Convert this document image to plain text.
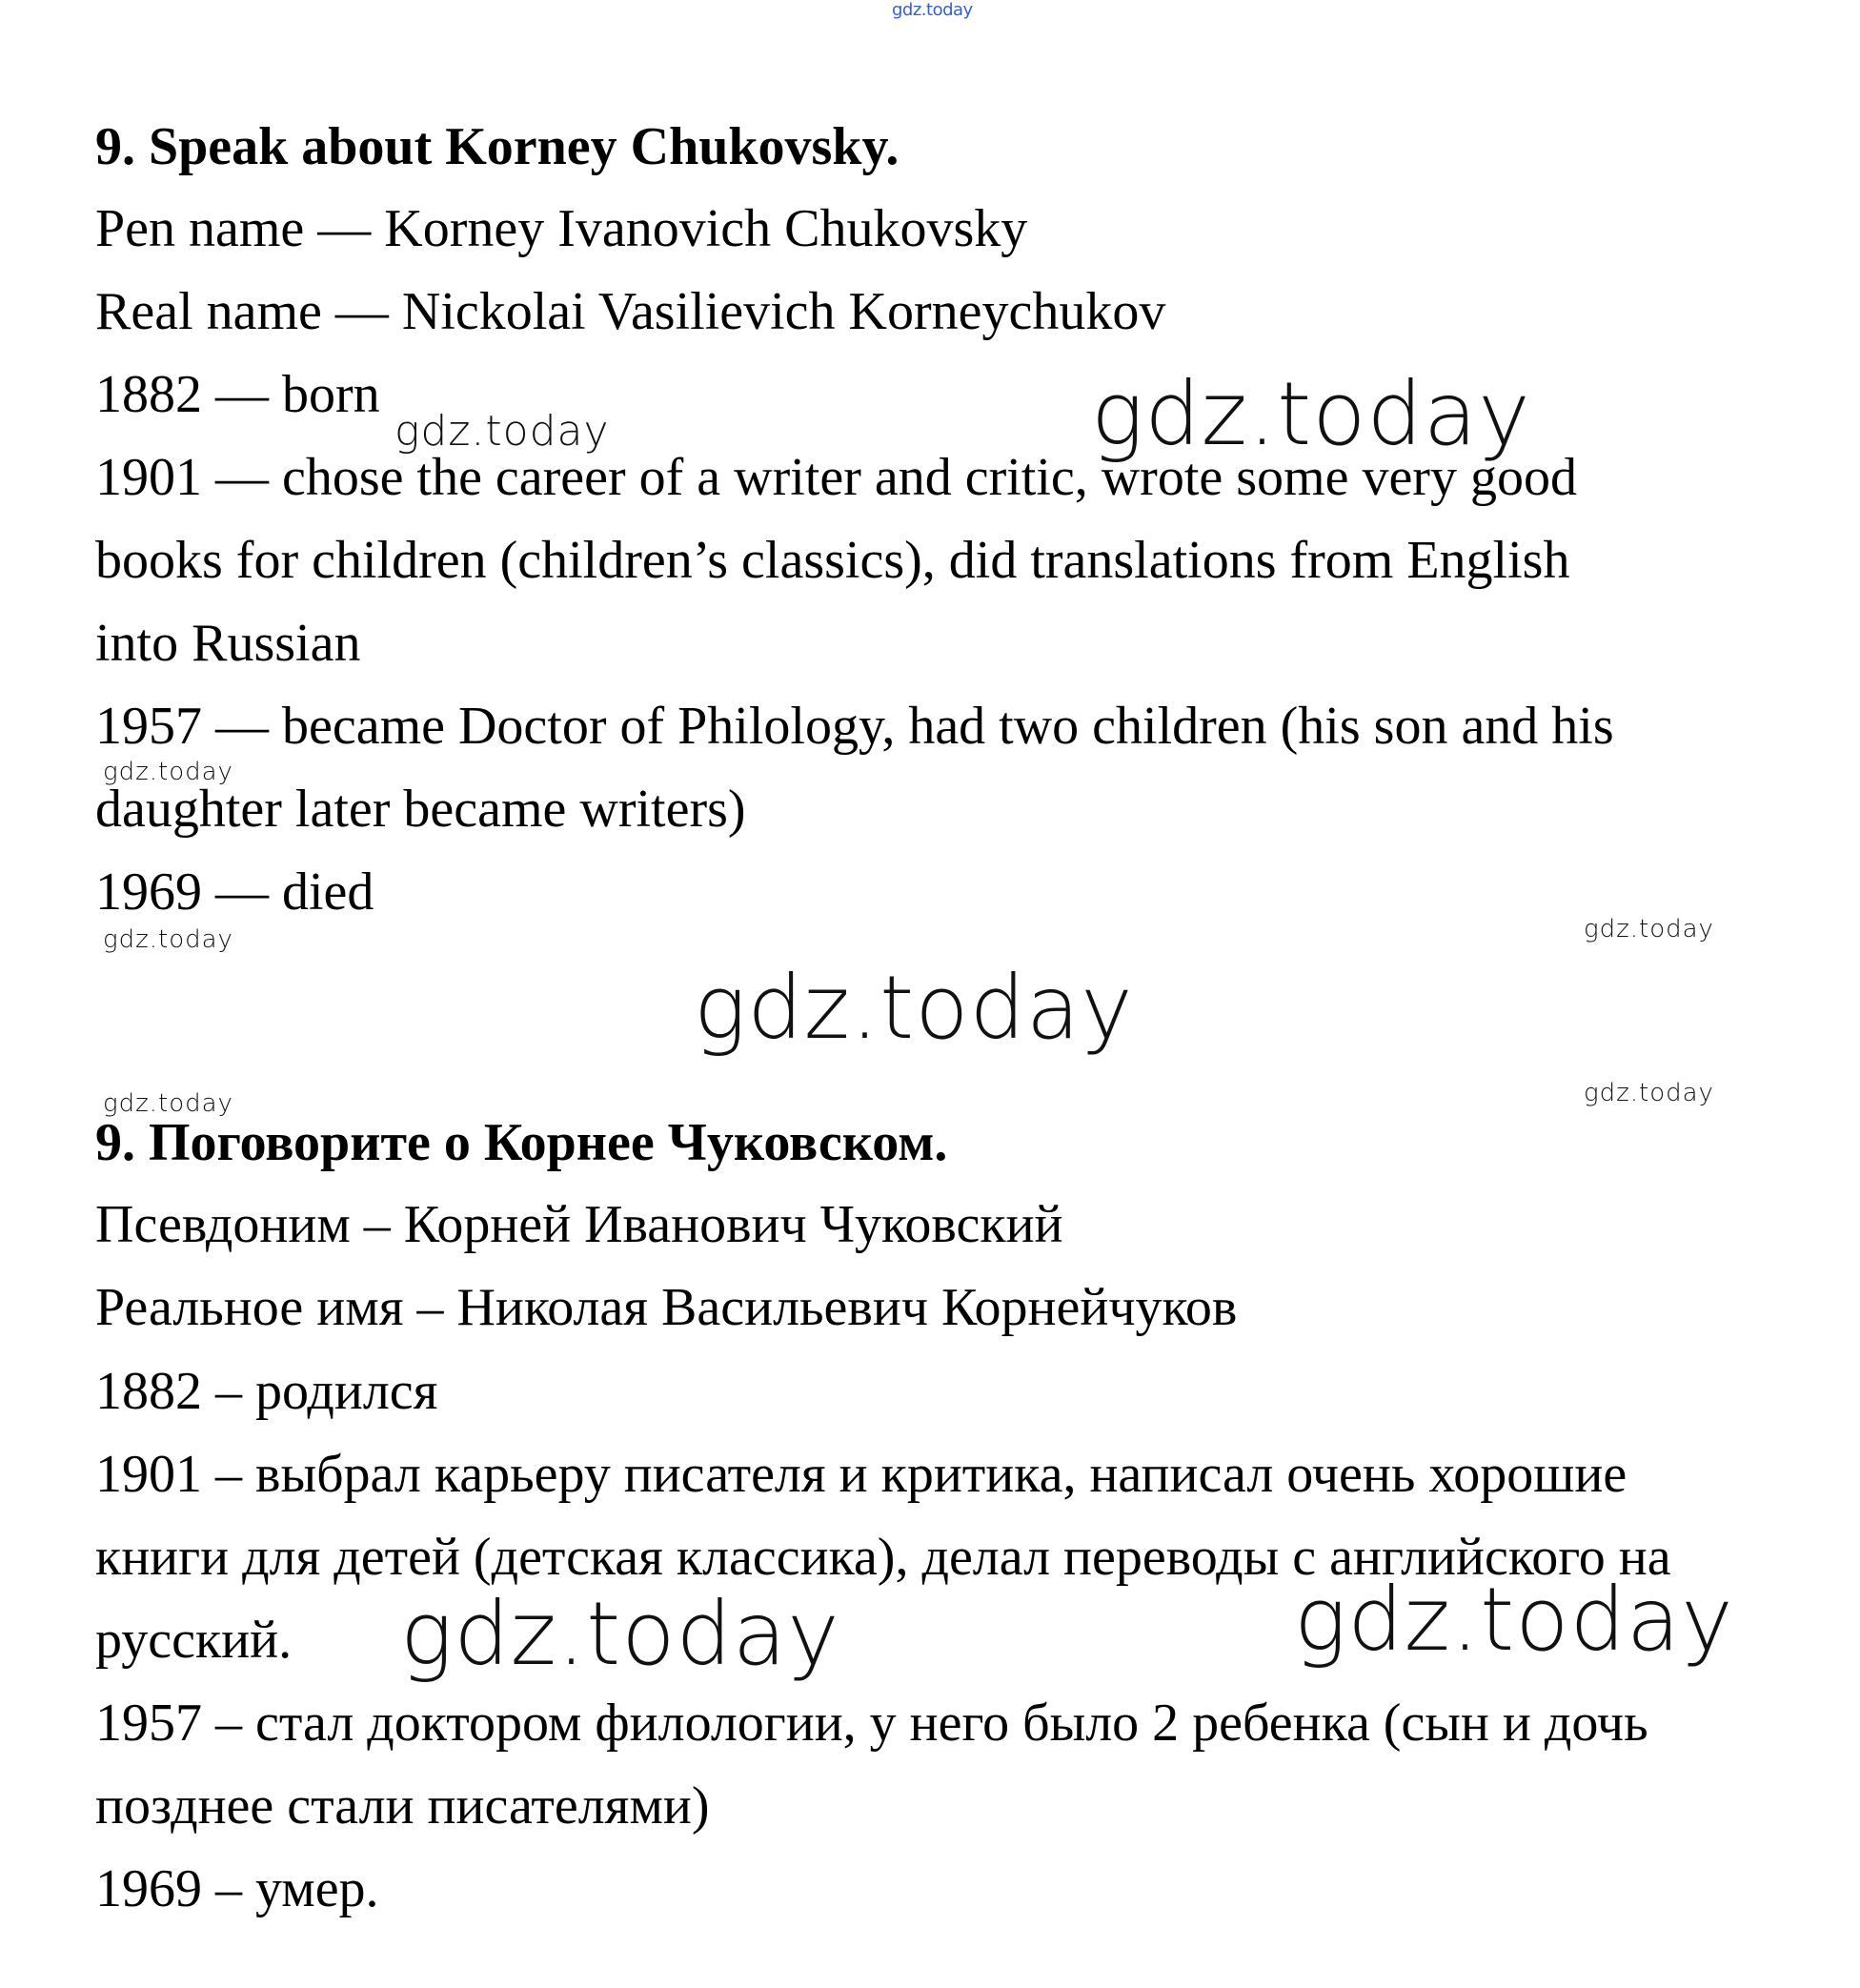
gdz.today
9. Speak about Korney Chukovsky.
Pen name — Korney Ivanovich Chukovsky
Real name — Nickolai Vasilievich Korneychukov
1882 — born
1901 — chose the career of a writer and critic, wrote some very good
books for children (children’s classics), did translations from English
into Russian
1957 — became Doctor of Philology, had two children (his son and his
daughter later became writers)
1969 — died
9. Поговорите о Корнее Чуковском.
Псевдоним – Корней Иванович Чуковский
Реальное имя – Николая Васильевич Корнейчуков
1882 – родился
1901 – выбрал карьеру писателя и критика, написал очень хорошие
книги для детей (детская классика), делал переводы с английского на
русский.
1957 – стал доктором филологии, у него было 2 ребенка (сын и дочь
позднее стали писателями)
1969 – умер.
gdz.today
gdz.today
gdz.today
gdz.today	gdz.today
gdz.today
gdz.today	gdz.today
gdz.today	gdz.today
